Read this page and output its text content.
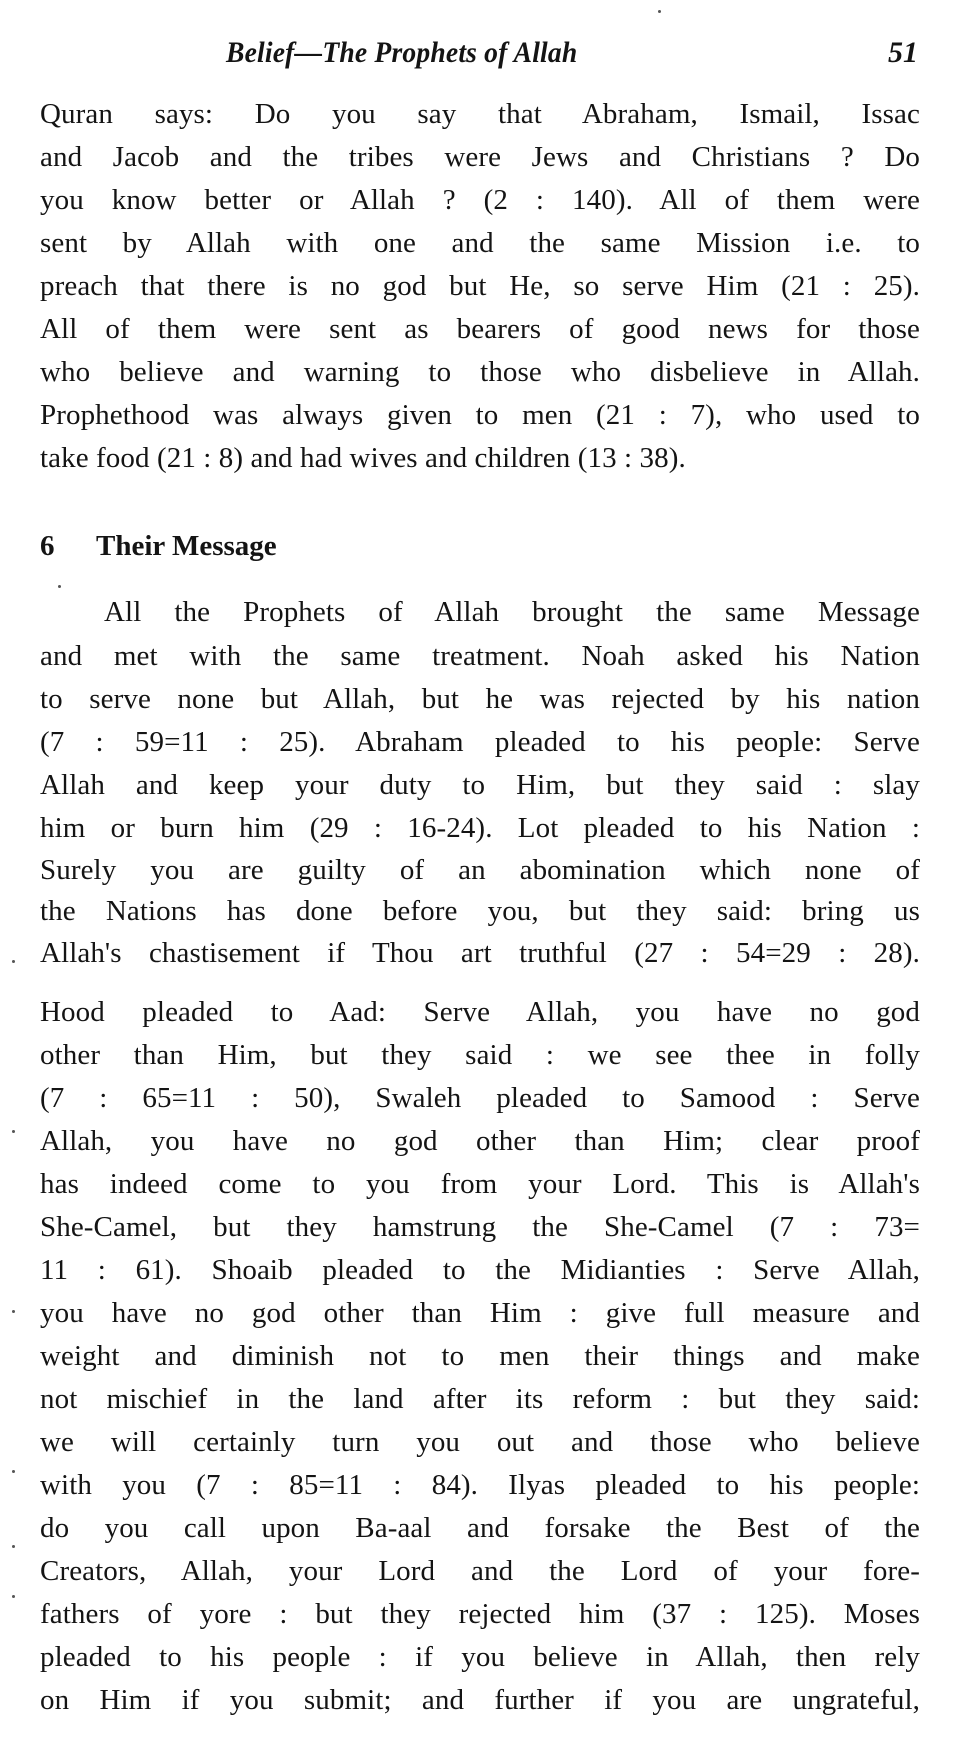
Belief—The Prophets of Allah	51
Quran says: Do you say that Abraham, Ismail, Issac
and Jacob and the tribes were Jews and Christians ? Do
you know better or Allah ? (2 : 140). All of them were
sent by Allah with one and the same Mission i.e. to
preach that there is no god but He, so serve Him (21 : 25).
All of them were sent as bearers of good news for those
who believe and warning to those who disbelieve in Allah.
Prophethood was always given to men (21 : 7), who used to
take food (21 : 8) and had wives and children (13 : 38).
6 Their Message
All the Prophets of Allah brought the same Message
and met with the same treatment. Noah asked his Nation
to serve none but Allah, but he was rejected by his nation
(7 : 59=11 : 25). Abraham pleaded to his people: Serve
Allah and keep your duty to Him, but they said : slay
him or burn him (29 : 16-24). Lot pleaded to his Nation :
Surely you are guilty of an abomination which none of
the Nations has done before you, but they said: bring us
Allah's chastisement if Thou art truthful (27 : 54=29 : 28).
Hood pleaded to Aad: Serve Allah, you have no god
other than Him, but they said : we see thee in folly
(7 : 65=11 : 50), Swaleh pleaded to Samood : Serve
Allah, you have no god other than Him; clear proof
has indeed come to you from your Lord. This is Allah's
She-Camel, but they hamstrung the She-Camel (7 : 73=
11 : 61). Shoaib pleaded to the Midianties : Serve Allah,
you have no god other than Him : give full measure and
weight and diminish not to men their things and make
not mischief in the land after its reform : but they said:
we will certainly turn you out and those who believe
with you (7 : 85=11 : 84). Ilyas pleaded to his people:
do you call upon Ba-aal and forsake the Best of the
Creators, Allah, your Lord and the Lord of your fore-
fathers of yore : but they rejected him (37 : 125). Moses
pleaded to his people : if you believe in Allah, then rely
on Him if you submit; and further if you are ungrateful,
